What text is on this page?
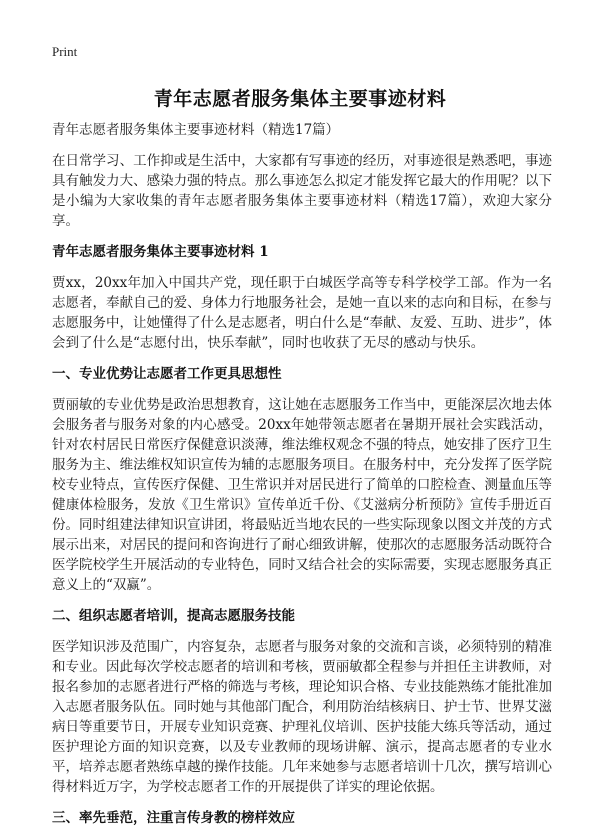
Print
青年志愿者服务集体主要事迹材料

青年志愿者服务集体主要事迹材料（精选17篇）

在日常学习、工作抑或是生活中，大家都有写事迹的经历，对事迹很是熟悉吧，事迹具有触发力大、感染力强的特点。那么事迹怎么拟定才能发挥它最大的作用呢？以下是小编为大家收集的青年志愿者服务集体主要事迹材料（精选17篇），欢迎大家分享。

青年志愿者服务集体主要事迹材料 1

贾xx，20xx年加入中国共产党，现任职于白城医学高等专科学校学工部。作为一名志愿者，奉献自己的爱、身体力行地服务社会，是她一直以来的志向和目标，在参与志愿服务中，让她懂得了什么是志愿者，明白什么是“奉献、友爱、互助、进步”，体会到了什么是“志愿付出，快乐奉献”，同时也收获了无尽的感动与快乐。

一、专业优势让志愿者工作更具思想性

贾丽敏的专业优势是政治思想教育，这让她在志愿服务工作当中，更能深层次地去体会服务者与服务对象的内心感受。20xx年她带领志愿者在暑期开展社会实践活动，针对农村居民日常医疗保健意识淡薄，维法维权观念不强的特点，她安排了医疗卫生服务为主、维法维权知识宣传为辅的志愿服务项目。在服务村中，充分发挥了医学院校专业特点，宣传医疗保健、卫生常识并对居民进行了简单的口腔检查、测量血压等健康体检服务，发放《卫生常识》宣传单近千份、《艾滋病分析预防》宣传手册近百份。同时组建法律知识宣讲团，将最贴近当地农民的一些实际现象以图文并茂的方式展示出来，对居民的提问和咨询进行了耐心细致讲解，使那次的志愿服务活动既符合医学院校学生开展活动的专业特色，同时又结合社会的实际需要，实现志愿服务真正意义上的“双赢”。

二、组织志愿者培训，提高志愿服务技能

医学知识涉及范围广，内容复杂，志愿者与服务对象的交流和言谈，必须特别的精准和专业。因此每次学校志愿者的培训和考核，贾丽敏都全程参与并担任主讲教师，对报名参加的志愿者进行严格的筛选与考核，理论知识合格、专业技能熟练才能批准加入志愿者服务队伍。同时她与其他部门配合，利用防治结核病日、护士节、世界艾滋病日等重要节日，开展专业知识竞赛、护理礼仪培训、医护技能大练兵等活动，通过医护理论方面的知识竞赛，以及专业教师的现场讲解、演示，提高志愿者的专业水平，培养志愿者熟练卓越的操作技能。几年来她参与志愿者培训十几次，撰写培训心得材料近万字，为学校志愿者工作的开展提供了详实的理论依据。

三、率先垂范，注重言传身教的榜样效应
